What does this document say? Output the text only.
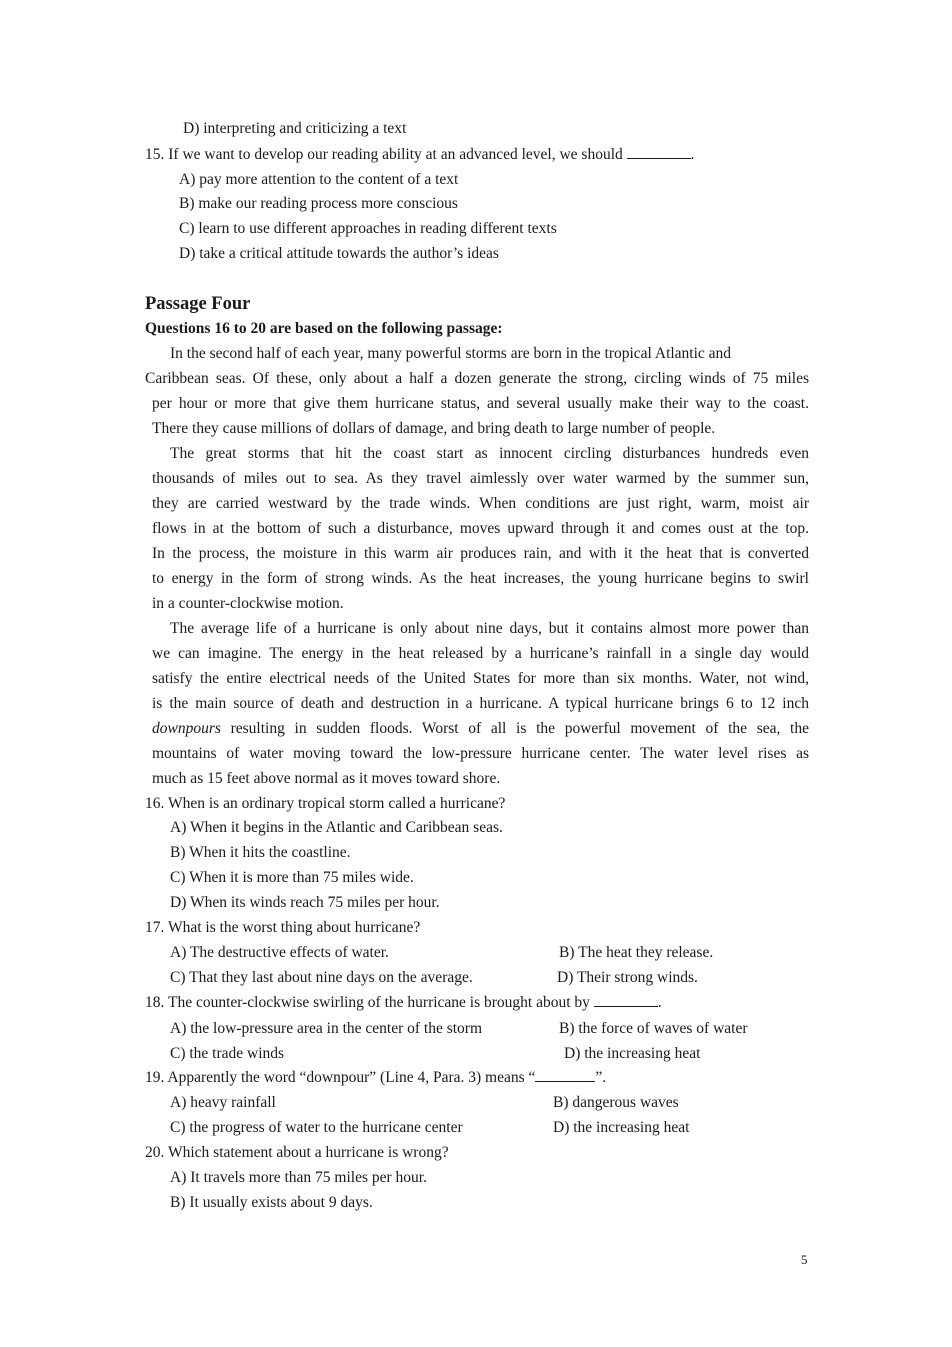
D) interpreting and criticizing a text
15. If we want to develop our reading ability at an advanced level, we should	.
A) pay more attention to the content of a text
B) make our reading process more conscious
C) learn to use different approaches in reading different texts
D) take a critical attitude towards the author’s ideas
Passage Four
Questions 16 to 20 are based on the following passage:
In the second half of each year, many powerful storms are born in the tropical Atlantic and
Caribbean seas. Of these, only about a half a dozen generate the strong, circling winds of 75 miles
per hour or more that give them hurricane status, and several usually make their way to the coast.
There they cause millions of dollars of damage, and bring death to large number of people.
The great storms that hit the coast start as innocent circling disturbances hundreds even
thousands of miles out to sea. As they travel aimlessly over water warmed by the summer sun,
they are carried westward by the trade winds. When conditions are just right, warm, moist air
flows in at the bottom of such a disturbance, moves upward through it and comes oust at the top.
In the process, the moisture in this warm air produces rain, and with it the heat that is converted
to energy in the form of strong winds. As the heat increases, the young hurricane begins to swirl
in a counter-clockwise motion.
The average life of a hurricane is only about nine days, but it contains almost more power than
we can imagine. The energy in the heat released by a hurricane’s rainfall in a single day would
satisfy the entire electrical needs of the United States for more than six months. Water, not wind,
is the main source of death and destruction in a hurricane. A typical hurricane brings 6 to 12 inch
downpours resulting in sudden floods. Worst of all is the powerful movement of the sea, the
mountains of water moving toward the low-pressure hurricane center. The water level rises as
much as 15 feet above normal as it moves toward shore.
16. When is an ordinary tropical storm called a hurricane?
A) When it begins in the Atlantic and Caribbean seas.
B) When it hits the coastline.
C) When it is more than 75 miles wide.
D) When its winds reach 75 miles per hour.
17. What is the worst thing about hurricane?
A) The destructive effects of water.	B) The heat they release.
C) That they last about nine days on the average.	D) Their strong winds.
18. The counter-clockwise swirling of the hurricane is brought about by	.
A) the low-pressure area in the center of the storm	B) the force of waves of water
C) the trade winds	D) the increasing heat
19. Apparently the word “downpour” (Line 4, Para. 3) means “	”.
A) heavy rainfall	B) dangerous waves
C) the progress of water to the hurricane center	D) the increasing heat
20. Which statement about a hurricane is wrong?
A) It travels more than 75 miles per hour.
B) It usually exists about 9 days.
5
